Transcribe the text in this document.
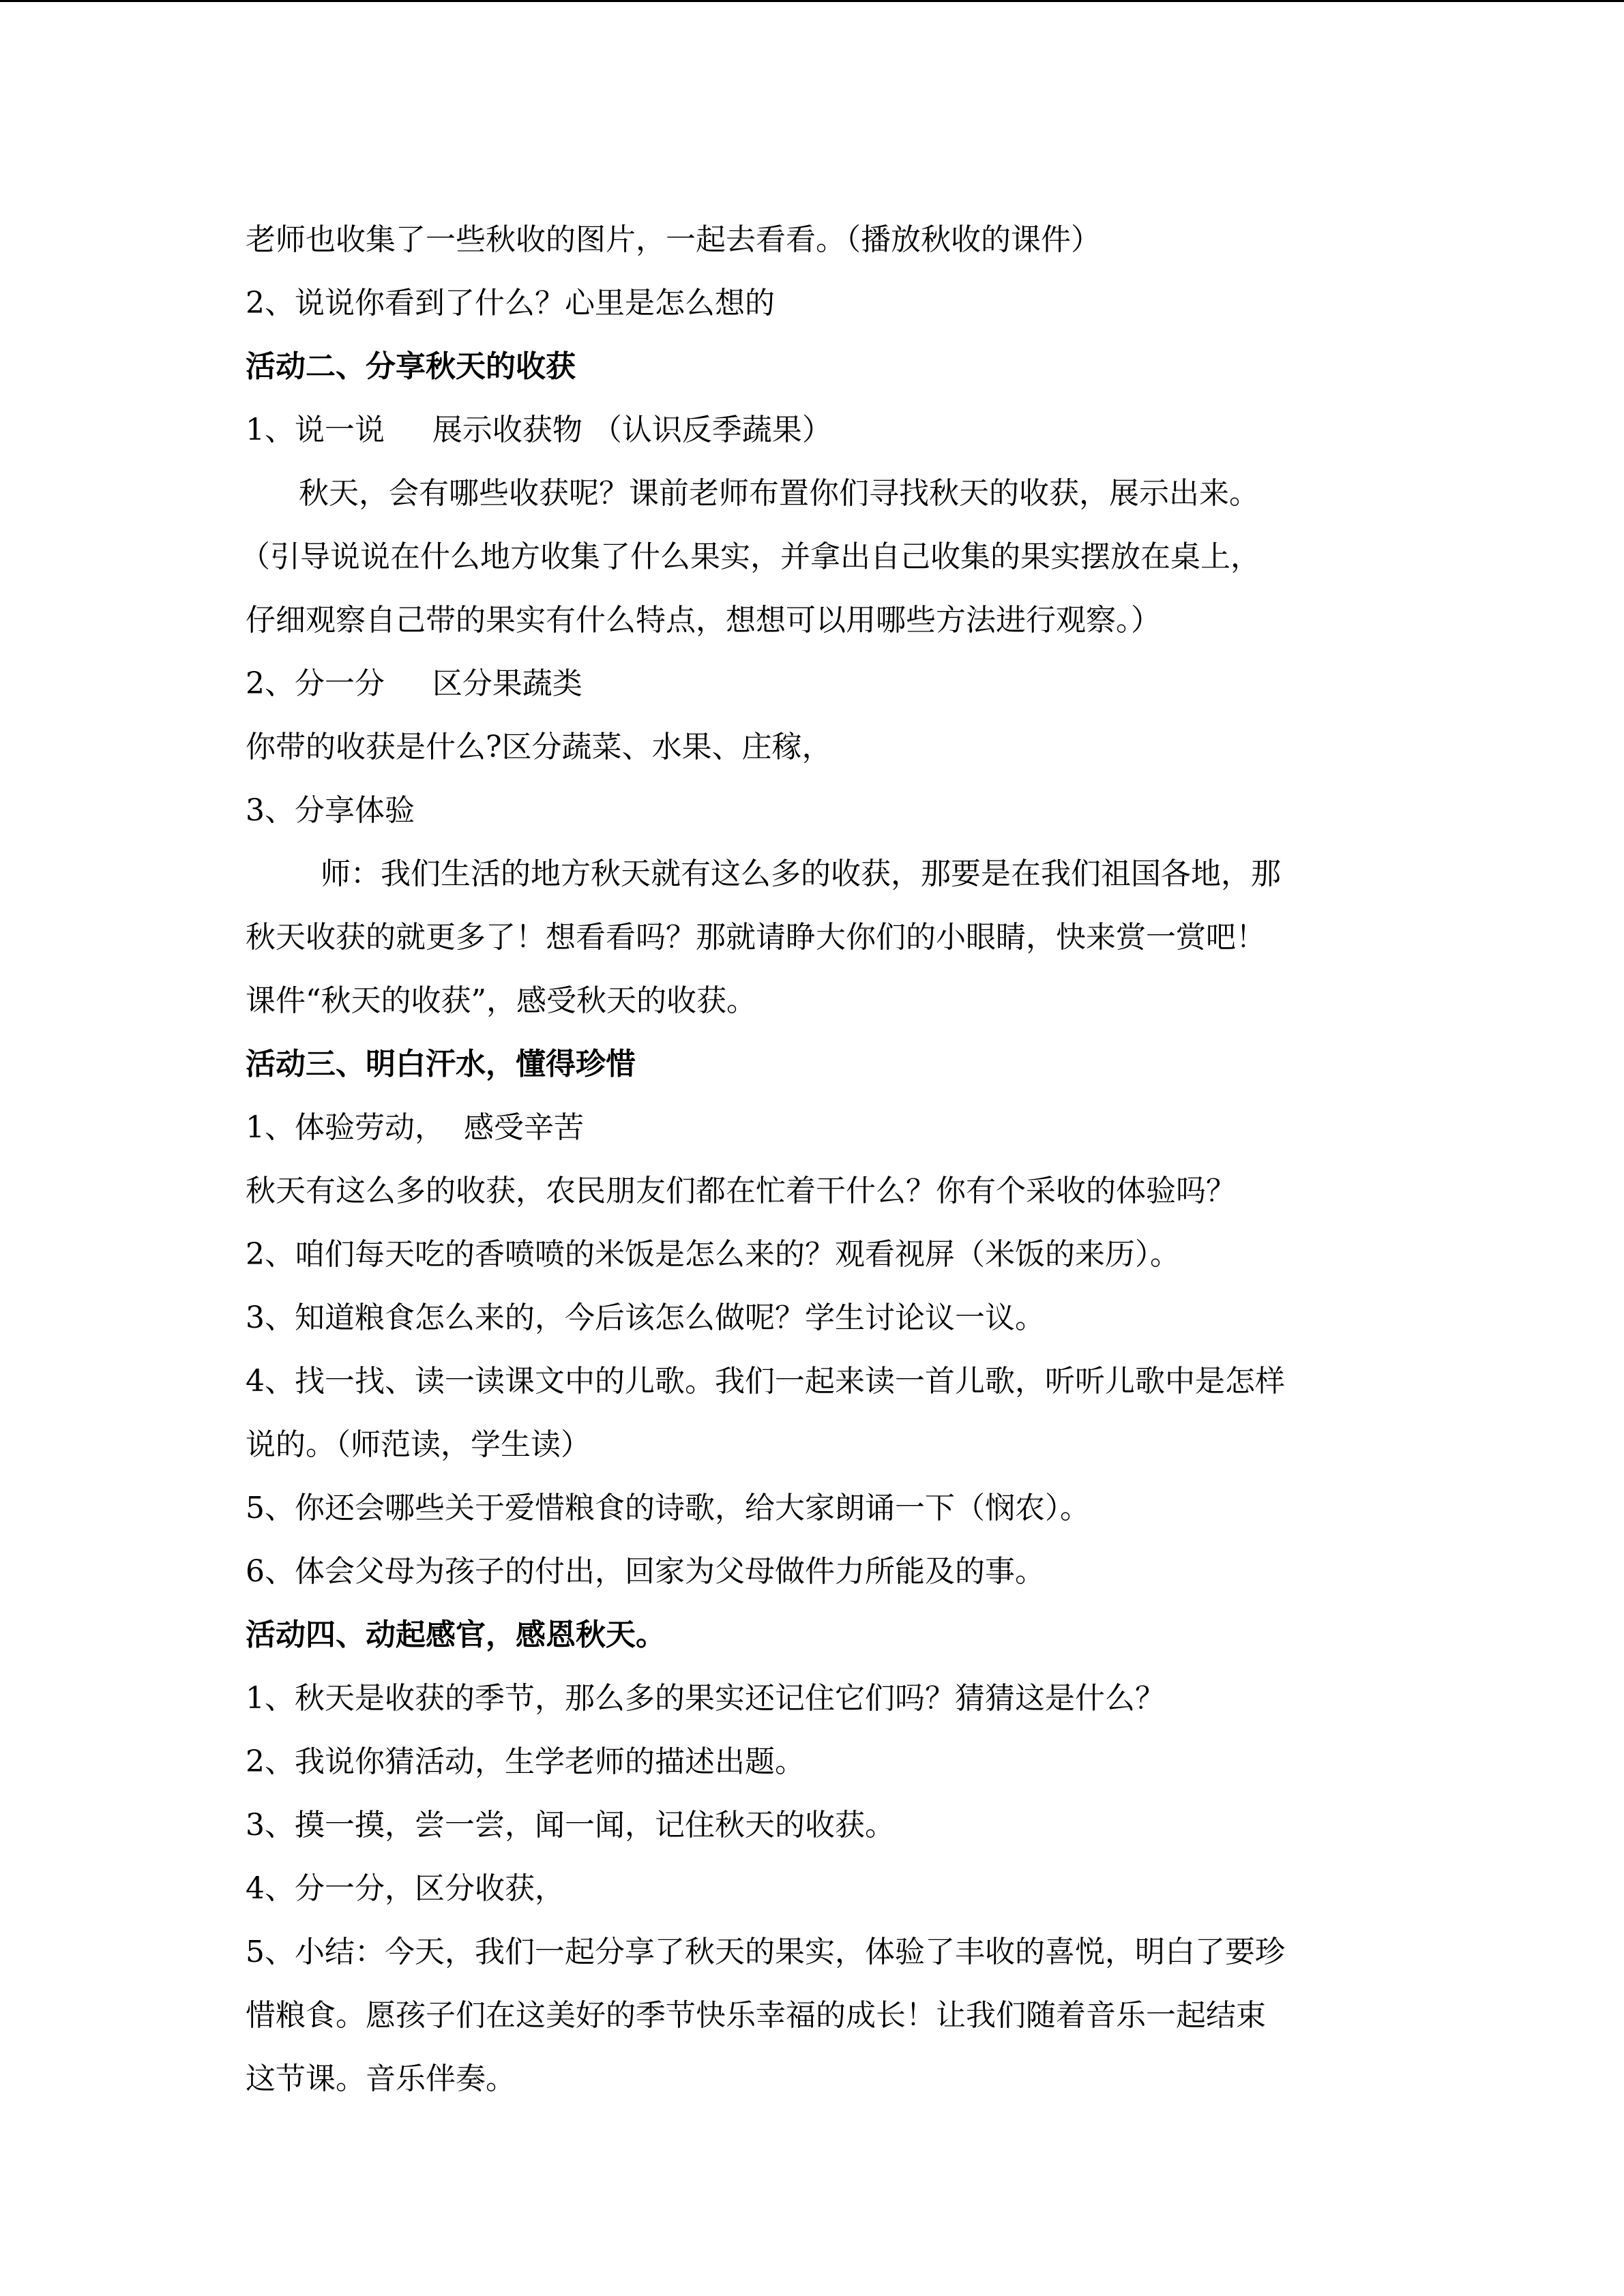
老师也收集了一些秋收的图片，一起去看看。（播放秋收的课件）
2、说说你看到了什么？心里是怎么想的
活动二、分享秋天的收获
1、说一说     展示收获物 （认识反季蔬果）
秋天，会有哪些收获呢？课前老师布置你们寻找秋天的收获，展示出来。
（引导说说在什么地方收集了什么果实，并拿出自己收集的果实摆放在桌上，
仔细观察自己带的果实有什么特点，想想可以用哪些方法进行观察。）
2、分一分     区分果蔬类
你带的收获是什么?区分蔬菜、水果、庄稼，
3、分享体验
师：我们生活的地方秋天就有这么多的收获，那要是在我们祖国各地，那
秋天收获的就更多了！想看看吗？那就请睁大你们的小眼睛，快来赏一赏吧！
课件“秋天的收获”，感受秋天的收获。
活动三、明白汗水，懂得珍惜
1、体验劳动，  感受辛苦
秋天有这么多的收获，农民朋友们都在忙着干什么？你有个采收的体验吗？
2、咱们每天吃的香喷喷的米饭是怎么来的？观看视屏（米饭的来历）。
3、知道粮食怎么来的，今后该怎么做呢？学生讨论议一议。
4、找一找、读一读课文中的儿歌。我们一起来读一首儿歌，听听儿歌中是怎样
说的。（师范读，学生读）
5、你还会哪些关于爱惜粮食的诗歌，给大家朗诵一下（悯农）。
6、体会父母为孩子的付出，回家为父母做件力所能及的事。
活动四、动起感官，感恩秋天。
1、秋天是收获的季节，那么多的果实还记住它们吗？猜猜这是什么？
2、我说你猜活动，生学老师的描述出题。
3、摸一摸，尝一尝，闻一闻，记住秋天的收获。
4、分一分，区分收获，
5、小结：今天，我们一起分享了秋天的果实，体验了丰收的喜悦，明白了要珍
惜粮食。愿孩子们在这美好的季节快乐幸福的成长！让我们随着音乐一起结束
这节课。音乐伴奏。
